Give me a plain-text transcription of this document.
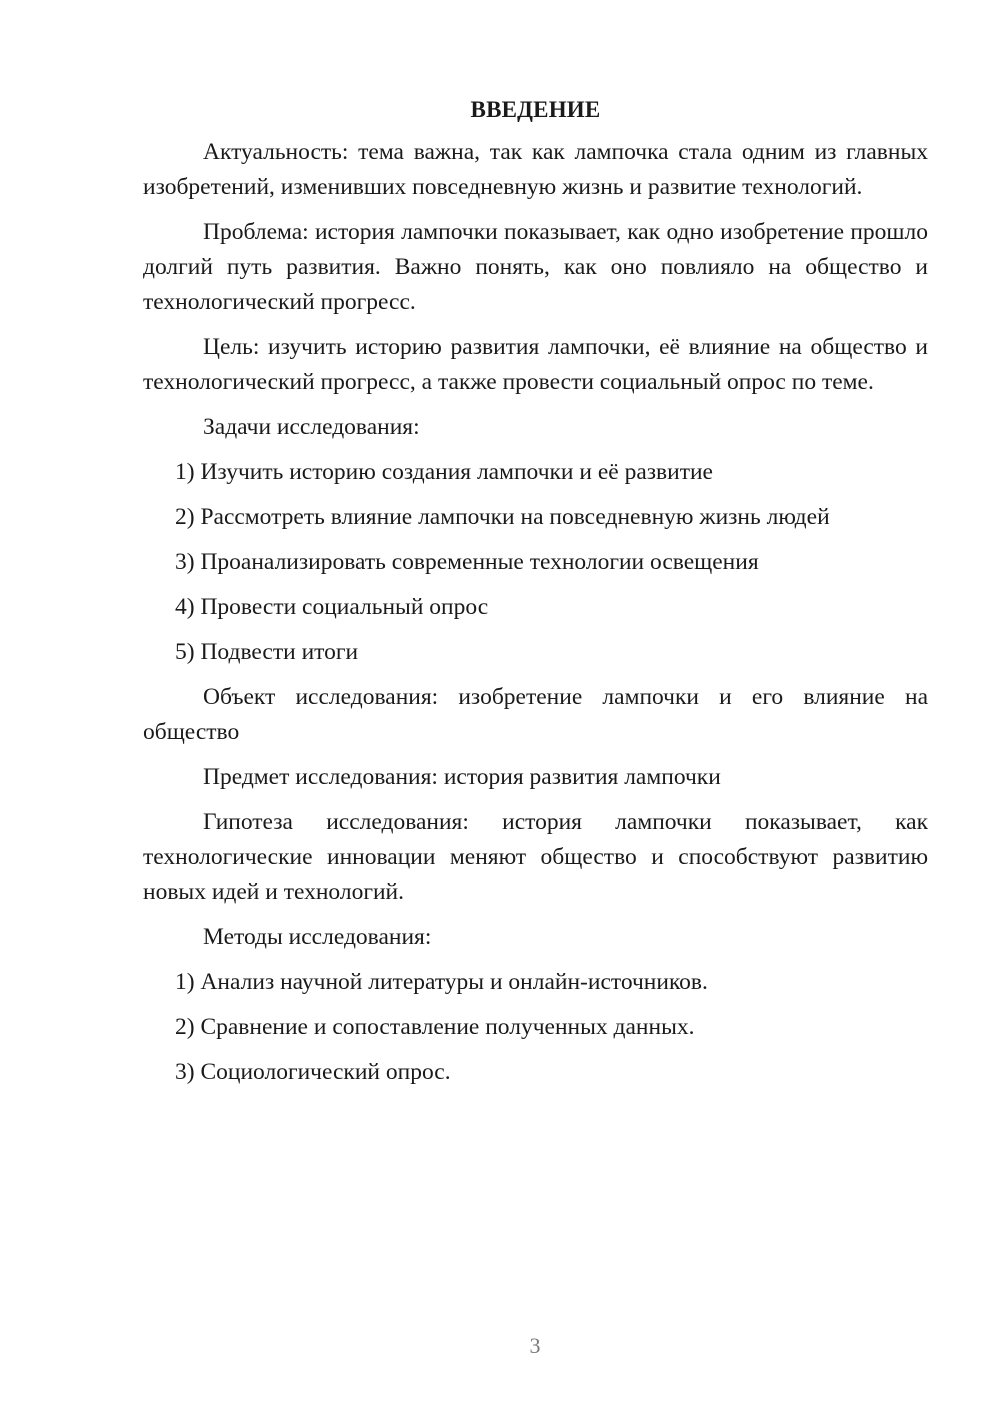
ВВЕДЕНИЕ

Актуальность: тема важна, так как лампочка стала одним из главных изобретений, изменивших повседневную жизнь и развитие технологий.

Проблема: история лампочки показывает, как одно изобретение прошло долгий путь развития. Важно понять, как оно повлияло на общество и технологический прогресс.

Цель: изучить историю развития лампочки, её влияние на общество и технологический прогресс, а также провести социальный опрос по теме.

Задачи исследования:

1) Изучить историю создания лампочки и её развитие

2) Рассмотреть влияние лампочки на повседневную жизнь людей

3) Проанализировать современные технологии освещения

4) Провести социальный опрос

5) Подвести итоги

Объект исследования: изобретение лампочки и его влияние на общество

Предмет исследования: история развития лампочки

Гипотеза исследования: история лампочки показывает, как технологические инновации меняют общество и способствуют развитию новых идей и технологий.

Методы исследования:

1) Анализ научной литературы и онлайн-источников.

2) Сравнение и сопоставление полученных данных.

3) Социологический опрос.

3
